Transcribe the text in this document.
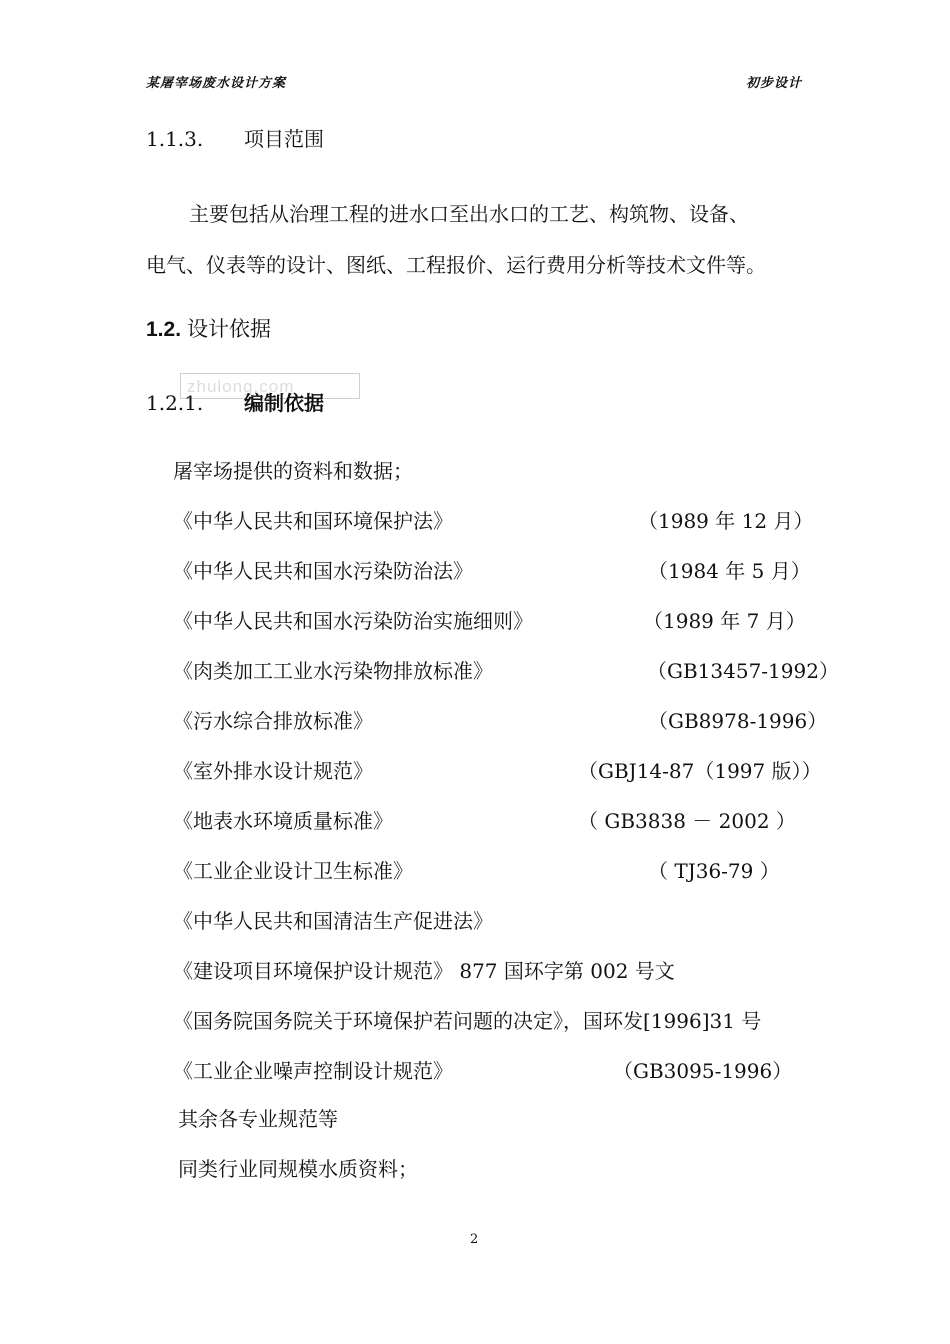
某屠宰场废水设计方案	初步设计
1.1.3. 项目范围

主要包括从治理工程的进水口至出水口的工艺、构筑物、设备、

电气、仪表等的设计、图纸、工程报价、运行费用分析等技术文件等。

1.2. 设计依据
zhulong.com
1.2.1. 编制依据
屠宰场提供的资料和数据；
《中华人民共和国环境保护法》	（1989 年 12 月）
《中华人民共和国水污染防治法》	（1984 年 5 月）
《中华人民共和国水污染防治实施细则》	（1989 年 7 月）
《肉类加工工业水污染物排放标准》	（GB13457-1992）
《污水综合排放标准》	（GB8978-1996）
《室外排水设计规范》	（GBJ14-87（1997 版））
《地表水环境质量标准》	（ GB3838 － 2002 ）
《工业企业设计卫生标准》	（ TJ36-79 ）
《中华人民共和国清洁生产促进法》
《建设项目环境保护设计规范》 877 国环字第 002 号文
《国务院国务院关于环境保护若问题的决定》，国环发[1996]31 号
《工业企业噪声控制设计规范》	（GB3095-1996）
其余各专业规范等
同类行业同规模水质资料；
2
